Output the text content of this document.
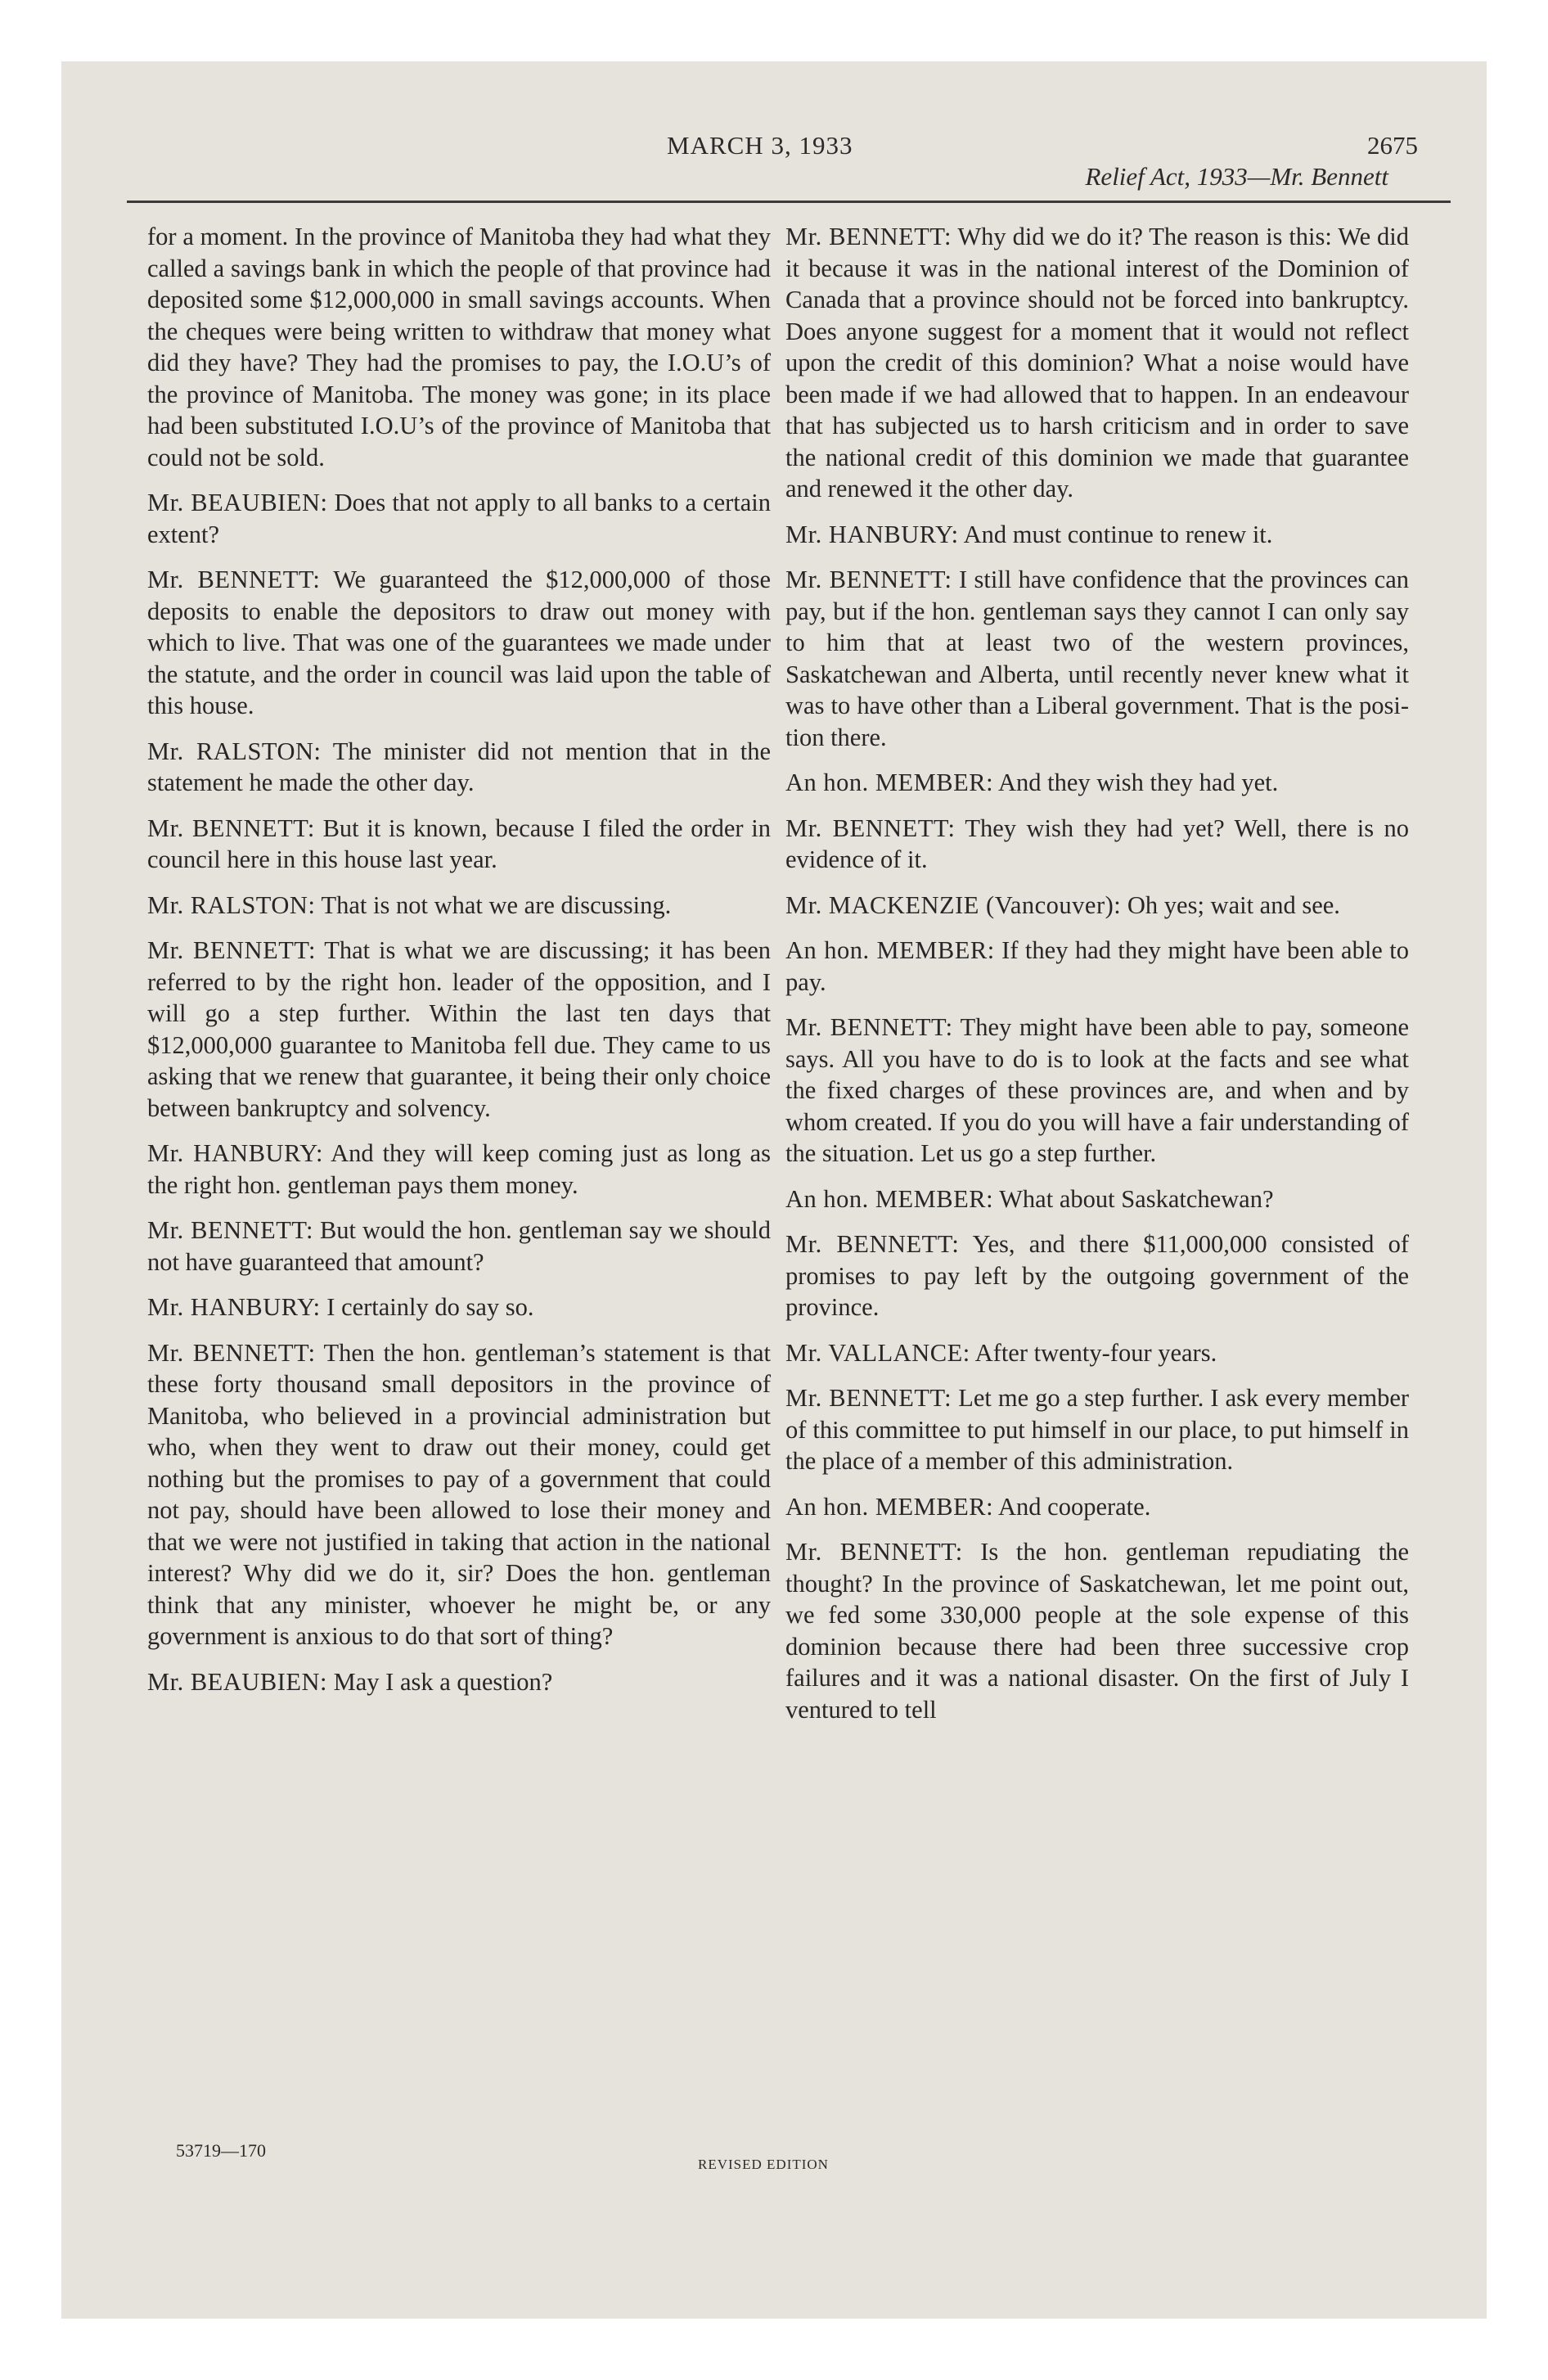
MARCH 3, 1933	2675
Relief Act, 1933—Mr. Bennett

for a moment. In the province of Manitoba they had what they called a savings bank in which the people of that province had deposited some $12,000,000 in small savings accounts. When the cheques were being written to withdraw that money what did they have? They had the promises to pay, the I.O.U’s of the province of Manitoba. The money was gone; in its place had been substituted I.O.U’s of the province of Manitoba that could not be sold.

Mr. BEAUBIEN: Does that not apply to all banks to a certain extent?

Mr. BENNETT: We guaranteed the $12,000,000 of those deposits to enable the depositors to draw out money with which to live. That was one of the guarantees we made under the statute, and the order in council was laid upon the table of this house.

Mr. RALSTON: The minister did not mention that in the statement he made the other day.

Mr. BENNETT: But it is known, because I filed the order in council here in this house last year.

Mr. RALSTON: That is not what we are discussing.

Mr. BENNETT: That is what we are discussing; it has been referred to by the right hon. leader of the opposition, and I will go a step further. Within the last ten days that $12,000,000 guarantee to Manitoba fell due. They came to us asking that we renew that guarantee, it being their only choice between bankruptcy and solvency.

Mr. HANBURY: And they will keep coming just as long as the right hon. gentleman pays them money.

Mr. BENNETT: But would the hon. gentleman say we should not have guaranteed that amount?

Mr. HANBURY: I certainly do say so.

Mr. BENNETT: Then the hon. gentleman’s statement is that these forty thousand small depositors in the province of Manitoba, who believed in a provincial administration but who, when they went to draw out their money, could get nothing but the promises to pay of a government that could not pay, should have been allowed to lose their money and that we were not justified in taking that action in the national interest? Why did we do it, sir? Does the hon. gentleman think that any minister, whoever he might be, or any government is anxious to do that sort of thing?

Mr. BEAUBIEN: May I ask a question?

Mr. BENNETT: Why did we do it? The reason is this: We did it because it was in the national interest of the Dominion of Canada that a province should not be forced into bankruptcy. Does anyone suggest for a moment that it would not reflect upon the credit of this dominion? What a noise would have been made if we had allowed that to happen. In an endeavour that has subjected us to harsh criticism and in order to save the national credit of this dominion we made that guarantee and renewed it the other day.

Mr. HANBURY: And must continue to renew it.

Mr. BENNETT: I still have confidence that the provinces can pay, but if the hon. gentleman says they cannot I can only say to him that at least two of the western provinces, Saskatchewan and Alberta, until recently never knew what it was to have other than a Liberal government. That is the position there.

An hon. MEMBER: And they wish they had yet.

Mr. BENNETT: They wish they had yet? Well, there is no evidence of it.

Mr. MACKENZIE (Vancouver): Oh yes; wait and see.

An hon. MEMBER: If they had they might have been able to pay.

Mr. BENNETT: They might have been able to pay, someone says. All you have to do is to look at the facts and see what the fixed charges of these provinces are, and when and by whom created. If you do you will have a fair understanding of the situation. Let us go a step further.

An hon. MEMBER: What about Saskatchewan?

Mr. BENNETT: Yes, and there $11,000,000 consisted of promises to pay left by the outgoing government of the province.

Mr. VALLANCE: After twenty-four years.

Mr. BENNETT: Let me go a step further. I ask every member of this committee to put himself in our place, to put himself in the place of a member of this administration.

An hon. MEMBER: And cooperate.

Mr. BENNETT: Is the hon. gentleman repudiating the thought? In the province of Saskatchewan, let me point out, we fed some 330,000 people at the sole expense of this dominion because there had been three successive crop failures and it was a national disaster. On the first of July I ventured to tell

53719—170
REVISED EDITION
